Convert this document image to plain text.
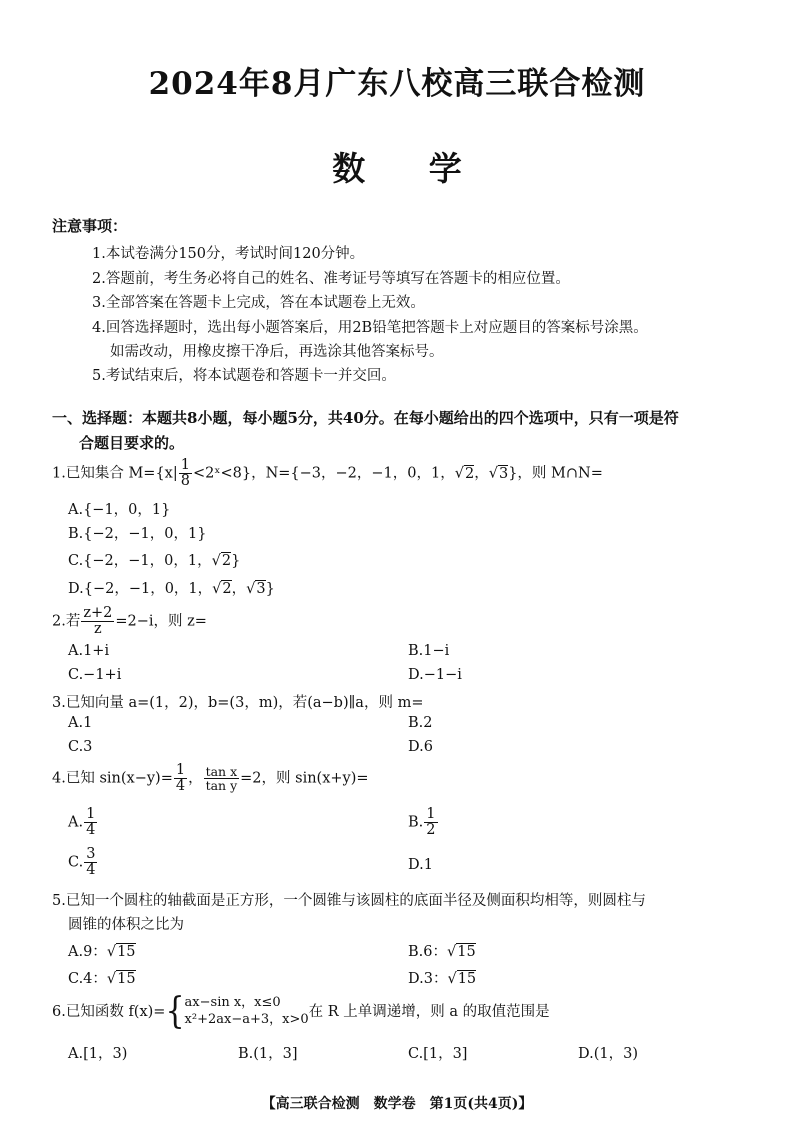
2024年8月广东八校高三联合检测
数 学
注意事项：
1.本试卷满分150分，考试时间120分钟。
2.答题前，考生务必将自己的姓名、准考证号等填写在答题卡的相应位置。
3.全部答案在答题卡上完成，答在本试题卷上无效。
4.回答选择题时，选出每小题答案后，用2B铅笔把答题卡上对应题目的答案标号涂黑。
如需改动，用橡皮擦干净后，再选涂其他答案标号。
5.考试结束后，将本试题卷和答题卡一并交回。
一、选择题：本题共8小题，每小题5分，共40分。在每小题给出的四个选项中，只有一项是符
合题目要求的。
1.已知集合 $M=\{x| \frac{1}{8}$ <2ˣ<8}，N={−3，−2，−1，0，1，√2，√3}，则 M∩N=
A.{−1，0，1}
B.{−2，−1，0，1}
C.{−2，−1，0，1，√2}
D.{−2，−1，0，1，√2，√3}
2.若 $\frac{z+2}{z} =2-i$，则 z=
A.1+i	B.1−i
C.−1+i	D.−1−i
3.已知向量 a=(1，2)，b=(3，m)，若(a−b)∥a，则 m=
A.1	B.2
C.3	D.6
4.已知 $\sin(x-y)= \frac{1}{4}$ ， $\frac{\text{tan x}}{\text{tan y}} =2$，则 sin(x+y)=
A. $\frac{1}{4}$	B. $\frac{1}{2}$
C. $\frac{3}{4}$	D.1
5.已知一个圆柱的轴截面是正方形，一个圆锥与该圆柱的底面半径及侧面积均相等，则圆柱与
圆锥的体积之比为
A.9：√15	B.6：√15
C.4：√15	D.3：√15
6.已知函数 f(x)={ ax−sin x，x≤0
x²+2ax−a+3，x>0 在 R 上单调递增，则 a 的取值范围是
A.[1，3)	B.(1，3]	C.[1，3]	D.(1，3)
【高三联合检测　数学卷　第1页(共4页)】
